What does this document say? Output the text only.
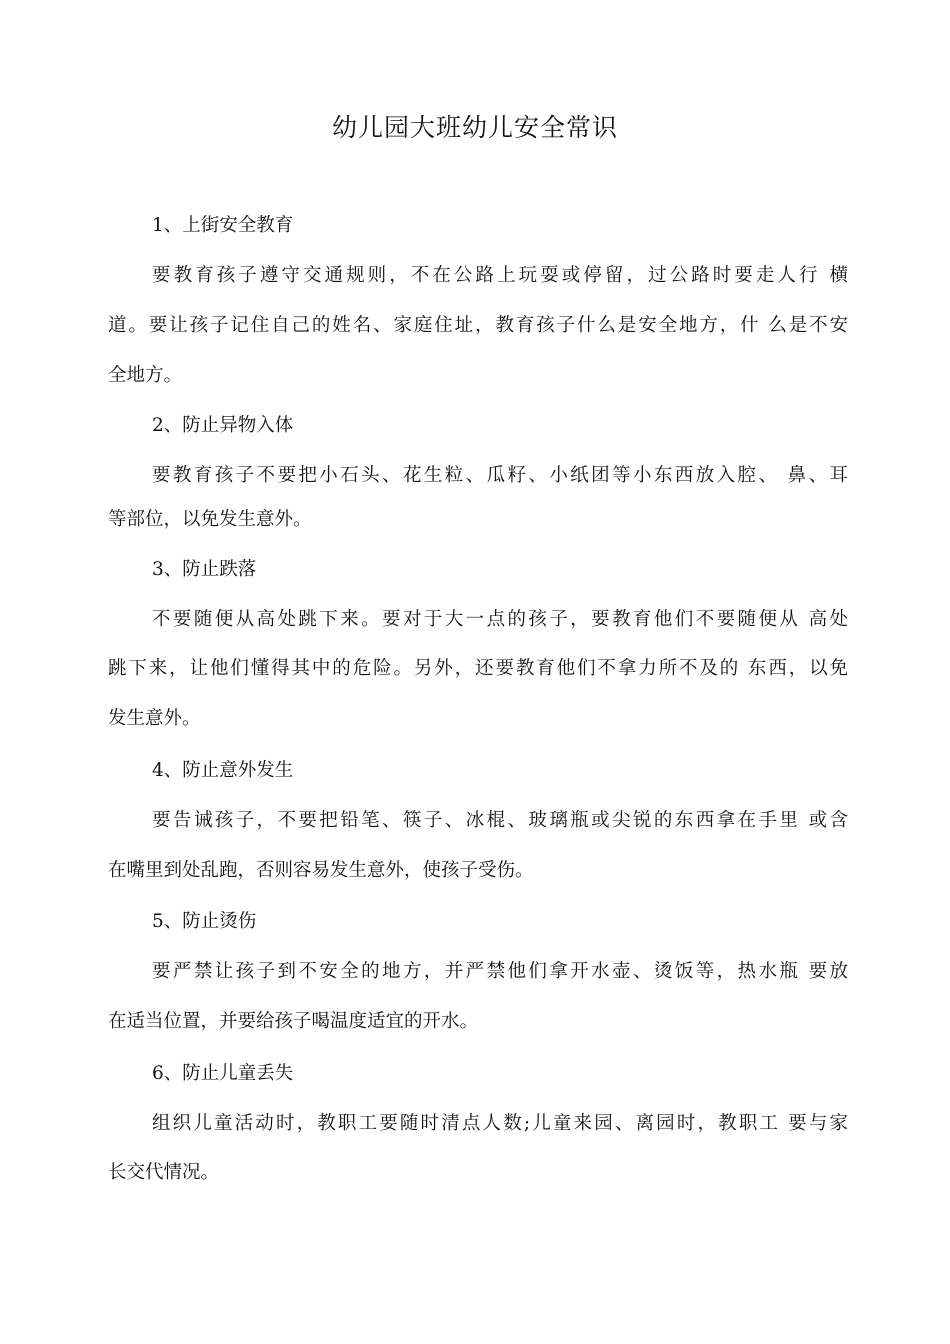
幼儿园大班幼儿安全常识
1、上街安全教育
要教育孩子遵守交通规则，不在公路上玩耍或停留，过公路时要走人行 横
道。要让孩子记住自己的姓名、家庭住址，教育孩子什么是安全地方，什 么是不安
全地方。
2、防止异物入体
要教育孩子不要把小石头、花生粒、瓜籽、小纸团等小东西放入腔、 鼻、耳
等部位，以免发生意外。
3、防止跌落
不要随便从高处跳下来。要对于大一点的孩子，要教育他们不要随便从 高处
跳下来，让他们懂得其中的危险。另外，还要教育他们不拿力所不及的 东西，以免
发生意外。
4、防止意外发生
要告诫孩子，不要把铅笔、筷子、冰棍、玻璃瓶或尖锐的东西拿在手里 或含
在嘴里到处乱跑，否则容易发生意外，使孩子受伤。
5、防止烫伤
要严禁让孩子到不安全的地方，并严禁他们拿开水壶、烫饭等，热水瓶 要放
在适当位置，并要给孩子喝温度适宜的开水。
6、防止儿童丢失
组织儿童活动时，教职工要随时清点人数;儿童来园、离园时，教职工 要与家
长交代情况。
